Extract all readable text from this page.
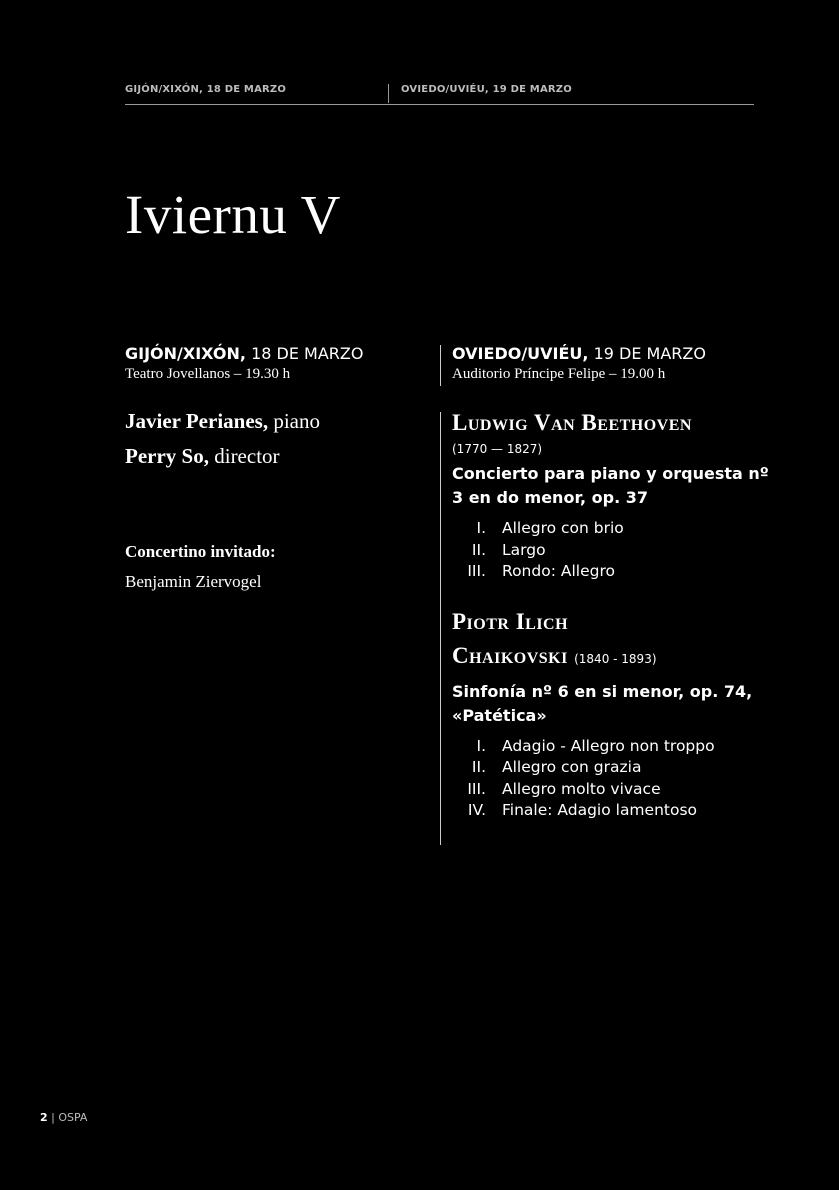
GIJÓN/XIXÓN, 18 DE MARZO	OVIEDO/UVIÉU, 19 DE MARZO
Iviernu V
GIJÓN/XIXÓN, 18 DE MARZO
Teatro Jovellanos – 19.30 h
Javier Perianes, piano
Perry So, director
Concertino invitado:
Benjamin Ziervogel
OVIEDO/UVIÉU, 19 DE MARZO
Auditorio Príncipe Felipe – 19.00 h
Ludwig Van Beethoven
(1770 — 1827)
Concierto para piano y orquesta nº 3 en do menor, op. 37
I.	Allegro con brio
II.	Largo
III.	Rondo: Allegro
Piotr Ilich
Chaikovski (1840 - 1893)
Sinfonía nº 6 en si menor, op. 74, «Patética»
I.	Adagio - Allegro non troppo
II.	Allegro con grazia
III.	Allegro molto vivace
IV.	Finale: Adagio lamentoso
2 | OSPA
